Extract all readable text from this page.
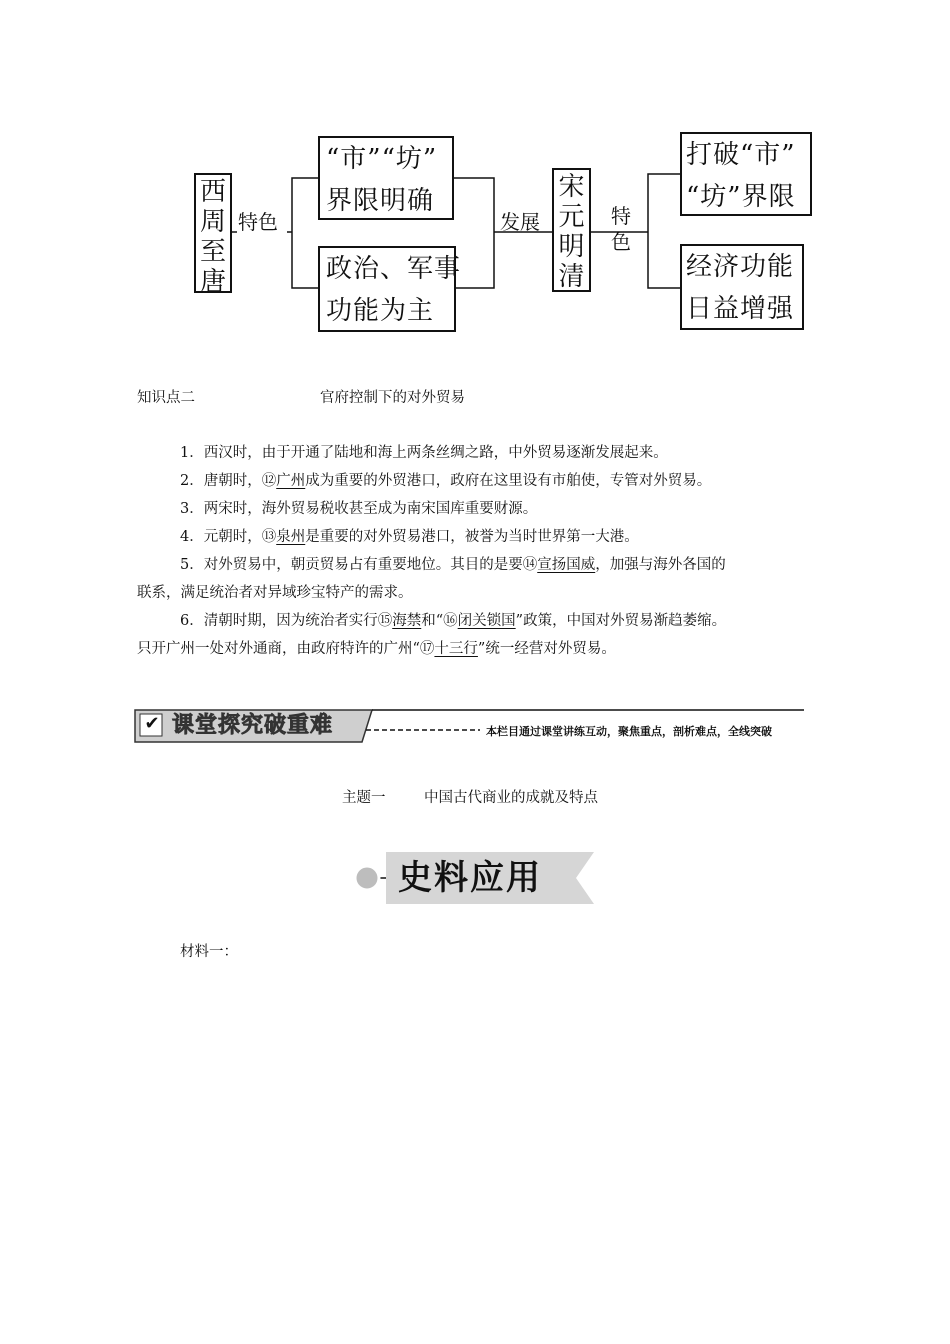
西周至唐
特色
“市”“坊”
界限明确
政治、军事
功能为主
发展
宋元明清
特色
打破“市”
“坊”界限
经济功能
日益增强
知识点二	官府控制下的对外贸易
1．西汉时，由于开通了陆地和海上两条丝绸之路，中外贸易逐渐发展起来。
2．唐朝时，⑫广州成为重要的外贸港口，政府在这里设有市舶使，专管对外贸易。
3．两宋时，海外贸易税收甚至成为南宋国库重要财源。
4．元朝时，⑬泉州是重要的对外贸易港口，被誉为当时世界第一大港。
5．对外贸易中，朝贡贸易占有重要地位。其目的是要⑭宣扬国威，加强与海外各国的
联系，满足统治者对异域珍宝特产的需求。
6．清朝时期，因为统治者实行⑮海禁和“⑯闭关锁国”政策，中国对外贸易渐趋萎缩。
只开广州一处对外通商，由政府特许的广州“⑰十三行”统一经营对外贸易。
✔ 课堂探究破重难	本栏目通过课堂讲练互动，聚焦重点，剖析难点，全线突破
主题一	中国古代商业的成就及特点
史料应用
材料一：
